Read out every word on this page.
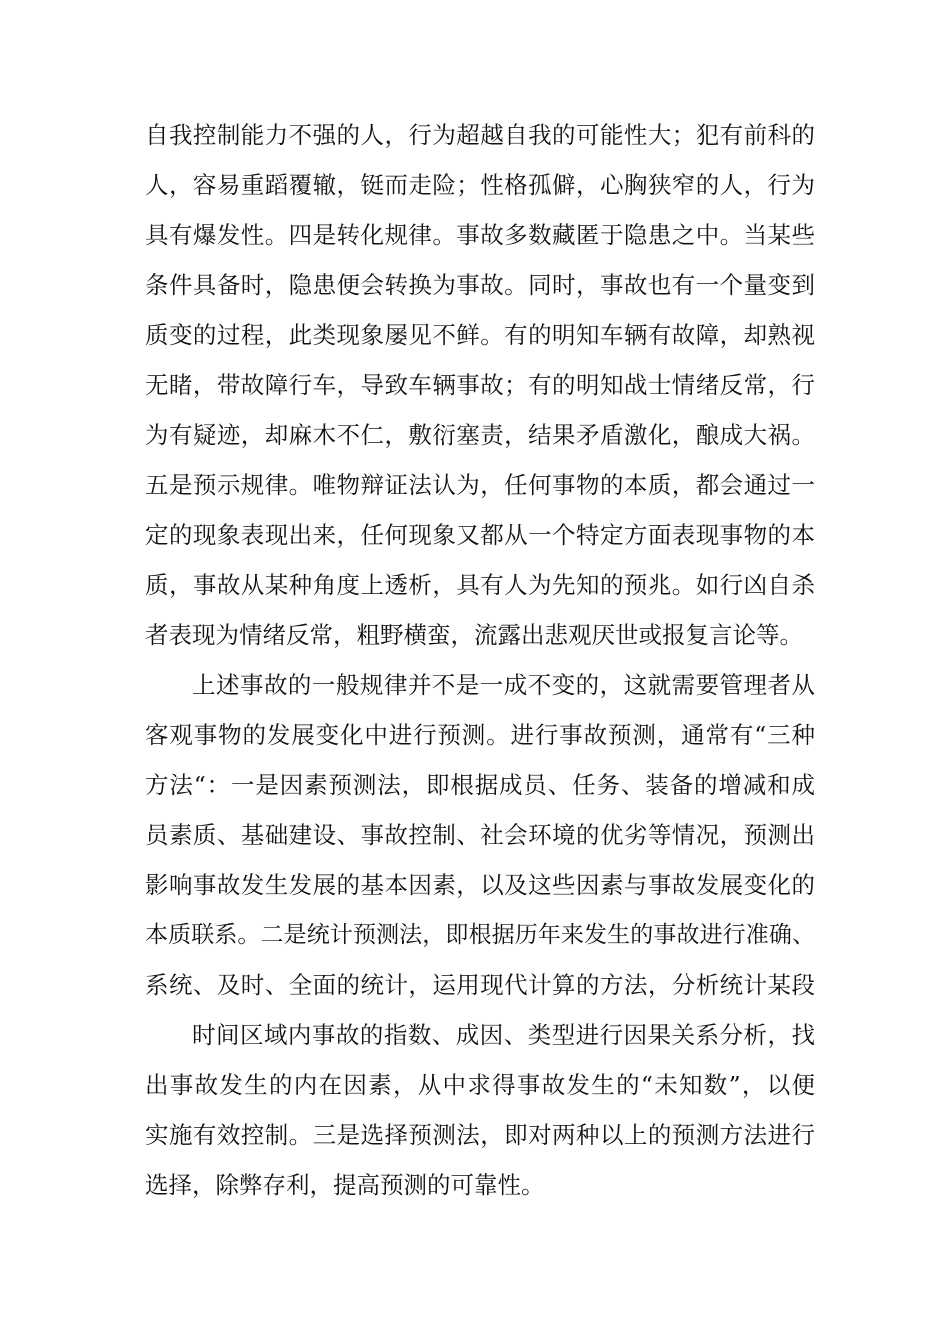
自我控制能力不强的人，行为超越自我的可能性大；犯有前科的
人，容易重蹈覆辙，铤而走险；性格孤僻，心胸狭窄的人，行为
具有爆发性。四是转化规律。事故多数藏匿于隐患之中。当某些
条件具备时，隐患便会转换为事故。同时，事故也有一个量变到
质变的过程，此类现象屡见不鲜。有的明知车辆有故障，却熟视
无睹，带故障行车，导致车辆事故；有的明知战士情绪反常，行
为有疑迹，却麻木不仁，敷衍塞责，结果矛盾激化，酿成大祸。
五是预示规律。唯物辩证法认为，任何事物的本质，都会通过一
定的现象表现出来，任何现象又都从一个特定方面表现事物的本
质，事故从某种角度上透析，具有人为先知的预兆。如行凶自杀
者表现为情绪反常，粗野横蛮，流露出悲观厌世或报复言论等。
上述事故的一般规律并不是一成不变的，这就需要管理者从
客观事物的发展变化中进行预测。进行事故预测，通常有“三种
方法“：一是因素预测法，即根据成员、任务、装备的增减和成
员素质、基础建设、事故控制、社会环境的优劣等情况，预测出
影响事故发生发展的基本因素，以及这些因素与事故发展变化的
本质联系。二是统计预测法，即根据历年来发生的事故进行准确、
系统、及时、全面的统计，运用现代计算的方法，分析统计某段
时间区域内事故的指数、成因、类型进行因果关系分析，找
出事故发生的内在因素，从中求得事故发生的“未知数”，以便
实施有效控制。三是选择预测法，即对两种以上的预测方法进行
选择，除弊存利，提高预测的可靠性。
